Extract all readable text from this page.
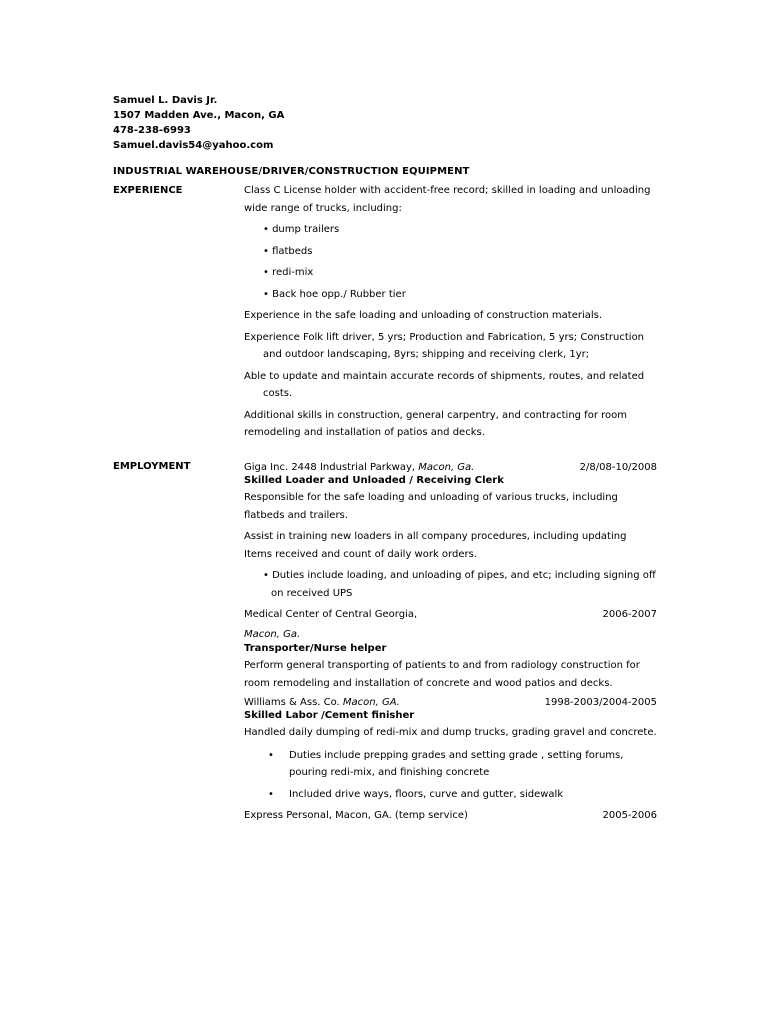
Samuel L. Davis Jr.
1507 Madden Ave., Macon, GA
478-238-6993
Samuel.davis54@yahoo.com
INDUSTRIAL WAREHOUSE/DRIVER/CONSTRUCTION EQUIPMENT
EXPERIENCE	Class C License holder with accident-free record; skilled in loading and unloading wide range of trucks, including:

• dump trailers

• flatbeds

• redi-mix

• Back hoe opp./ Rubber tier

Experience in the safe loading and unloading of construction materials.

Experience Folk lift driver, 5 yrs; Production and Fabrication, 5 yrs; Construction and outdoor landscaping, 8yrs; shipping and receiving clerk, 1yr;

Able to update and maintain accurate records of shipments, routes, and related costs.

Additional skills in construction, general carpentry, and contracting for room remodeling and installation of patios and decks.

EMPLOYMENT	Giga Inc. 2448 Industrial Parkway, Macon, Ga.	2/8/08-10/2008
Skilled Loader and Unloaded / Receiving Clerk

Responsible for the safe loading and unloading of various trucks, including flatbeds and trailers.

Assist in training new loaders in all company procedures, including updating Items received and count of daily work orders.

• Duties include loading, and unloading of pipes, and etc; including signing off on received UPS

Medical Center of Central Georgia,	2006-2007
Macon, Ga.
Transporter/Nurse helper

Perform general transporting of patients to and from radiology construction for room remodeling and installation of concrete and wood patios and decks.

Williams & Ass. Co. Macon, GA.	1998-2003/2004-2005
Skilled Labor /Cement finisher

Handled daily dumping of redi-mix and dump trucks, grading gravel and concrete.

• Duties include prepping grades and setting grade , setting forums, pouring redi-mix, and finishing concrete

• Included drive ways, floors, curve and gutter, sidewalk

Express Personal, Macon, GA. (temp service)	2005-2006
